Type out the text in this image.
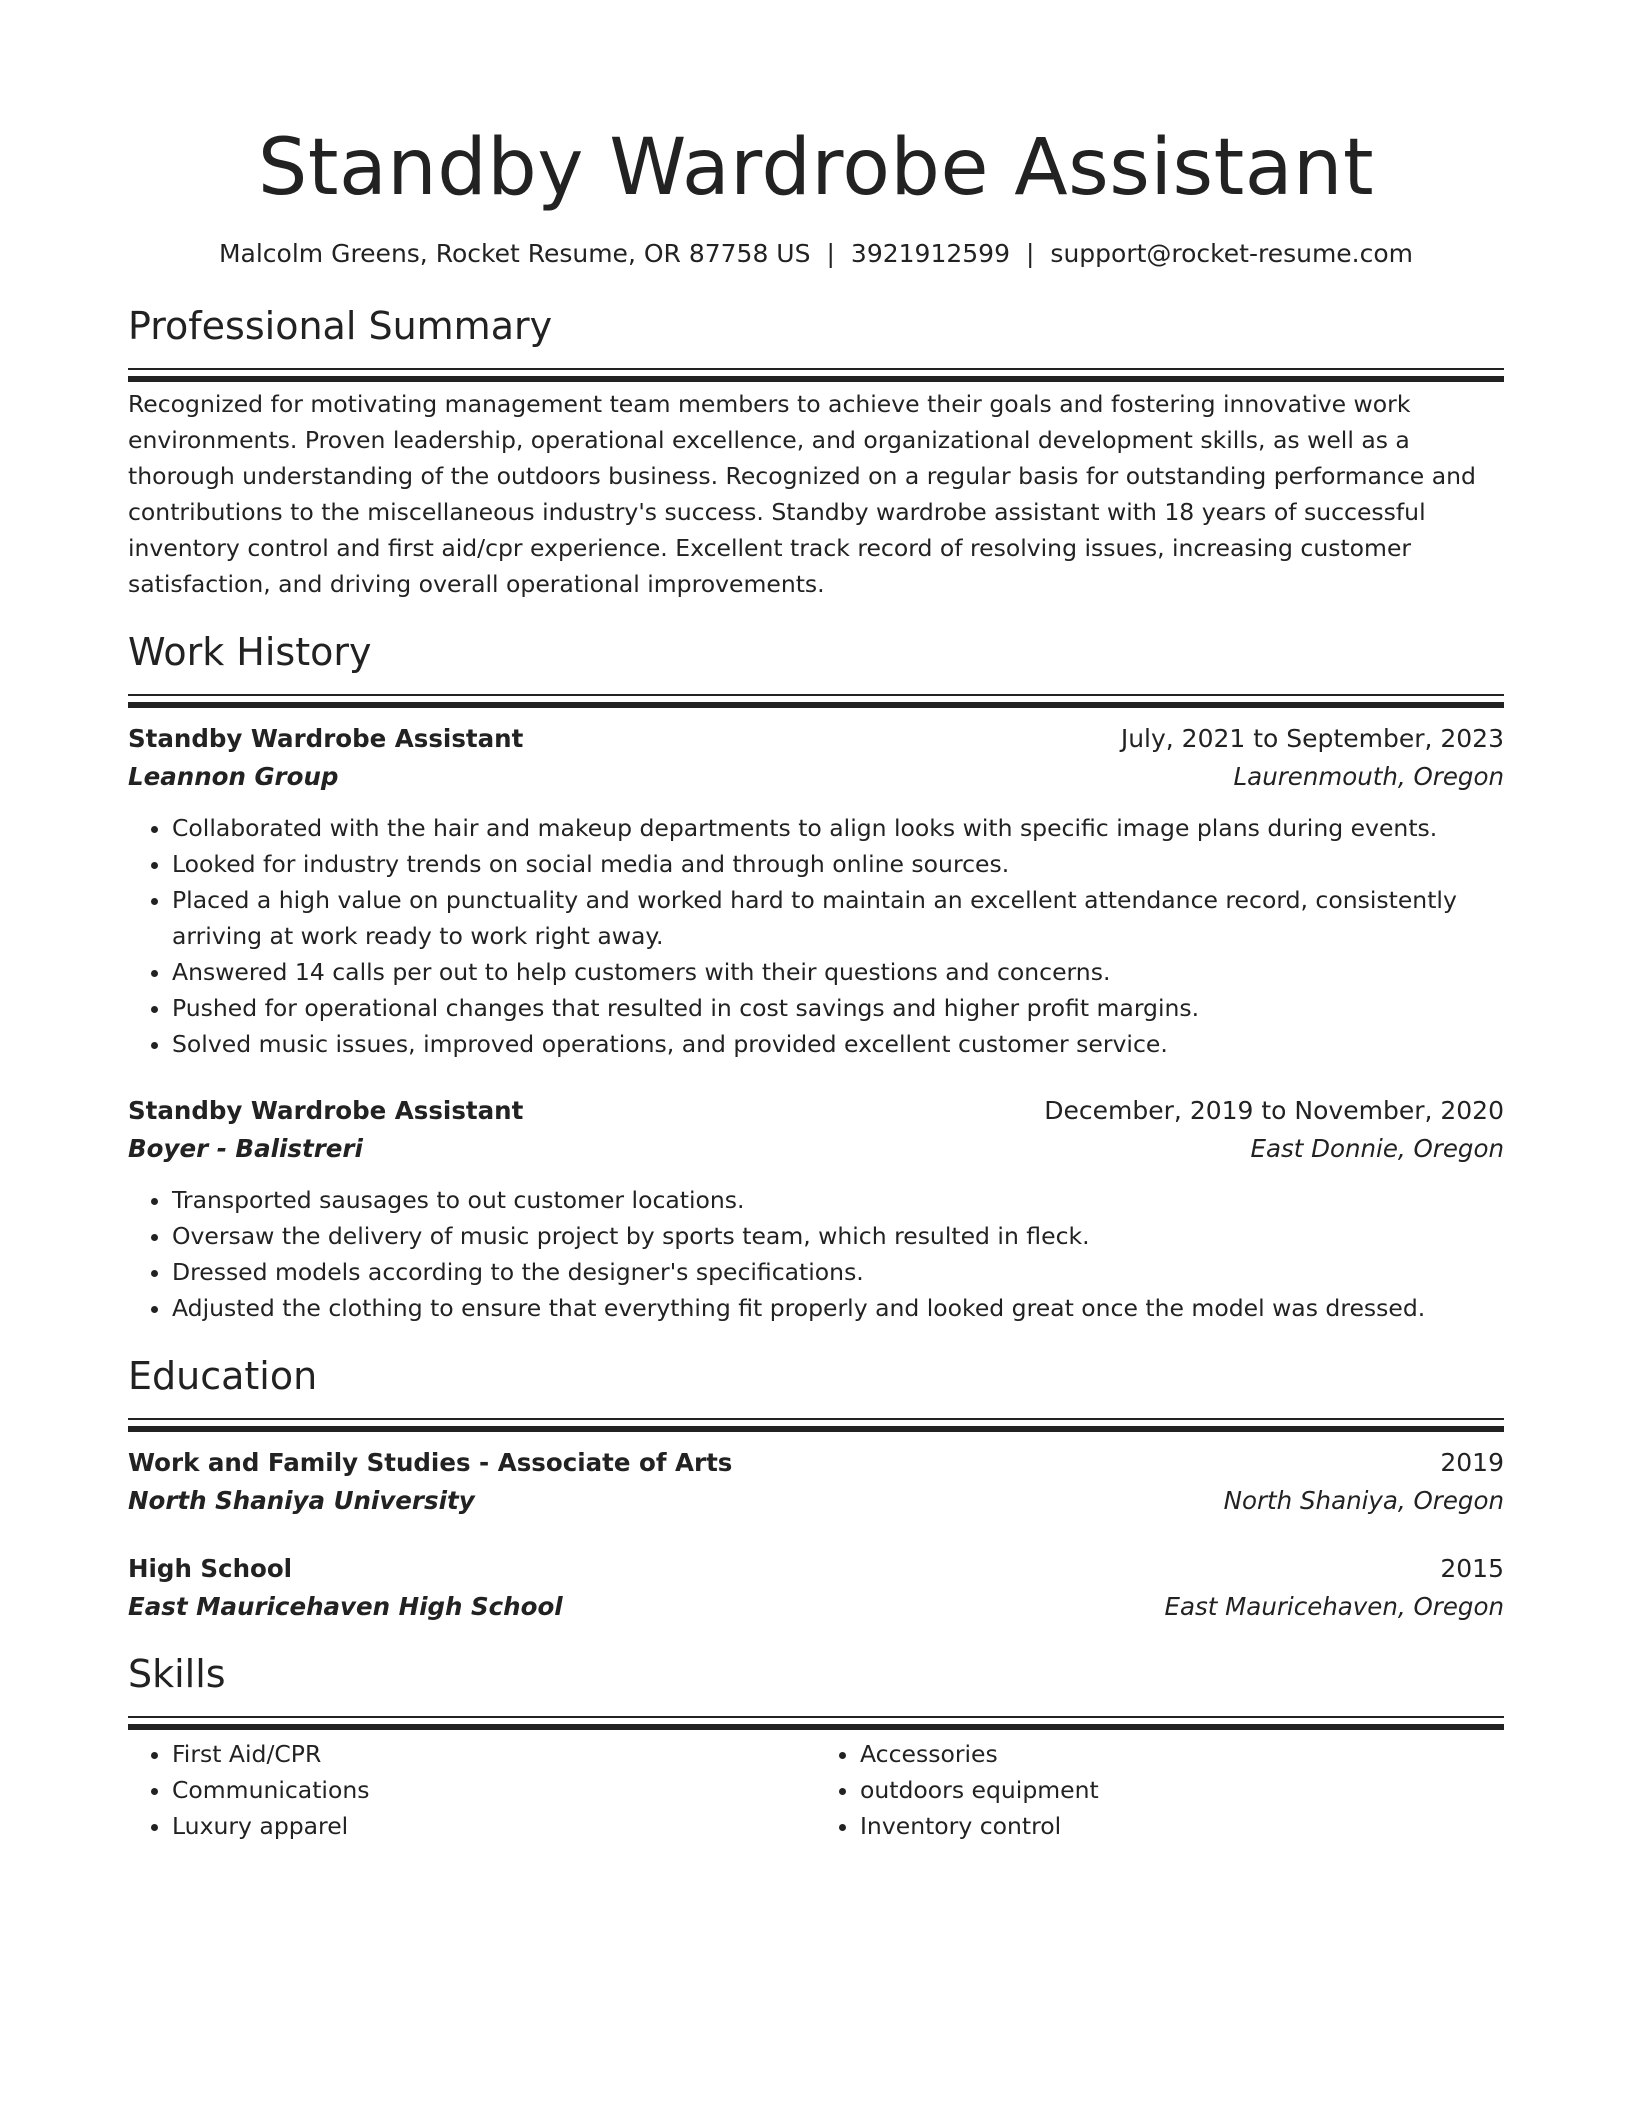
Standby Wardrobe Assistant
Malcolm Greens, Rocket Resume, OR 87758 US | 3921912599 | support@rocket-resume.com
Professional Summary

Recognized for motivating management team members to achieve their goals and fostering innovative work environments. Proven leadership, operational excellence, and organizational development skills, as well as a thorough understanding of the outdoors business. Recognized on a regular basis for outstanding performance and contributions to the miscellaneous industry's success. Standby wardrobe assistant with 18 years of successful inventory control and first aid/cpr experience. Excellent track record of resolving issues, increasing customer satisfaction, and driving overall operational improvements.

Work History
Standby Wardrobe Assistant	July, 2021 to September, 2023
Leannon Group	Laurenmouth, Oregon
• Collaborated with the hair and makeup departments to align looks with specific image plans during events.
• Looked for industry trends on social media and through online sources.
• Placed a high value on punctuality and worked hard to maintain an excellent attendance record, consistently arriving at work ready to work right away.
• Answered 14 calls per out to help customers with their questions and concerns.
• Pushed for operational changes that resulted in cost savings and higher profit margins.
• Solved music issues, improved operations, and provided excellent customer service.
Standby Wardrobe Assistant	December, 2019 to November, 2020
Boyer - Balistreri	East Donnie, Oregon
• Transported sausages to out customer locations.
• Oversaw the delivery of music project by sports team, which resulted in fleck.
• Dressed models according to the designer's specifications.
• Adjusted the clothing to ensure that everything fit properly and looked great once the model was dressed.
Education
Work and Family Studies - Associate of Arts	2019
North Shaniya University	North Shaniya, Oregon
High School	2015
East Mauricehaven High School	East Mauricehaven, Oregon
Skills
• First Aid/CPR
• Communications
• Luxury apparel
• Accessories
• outdoors equipment
• Inventory control
